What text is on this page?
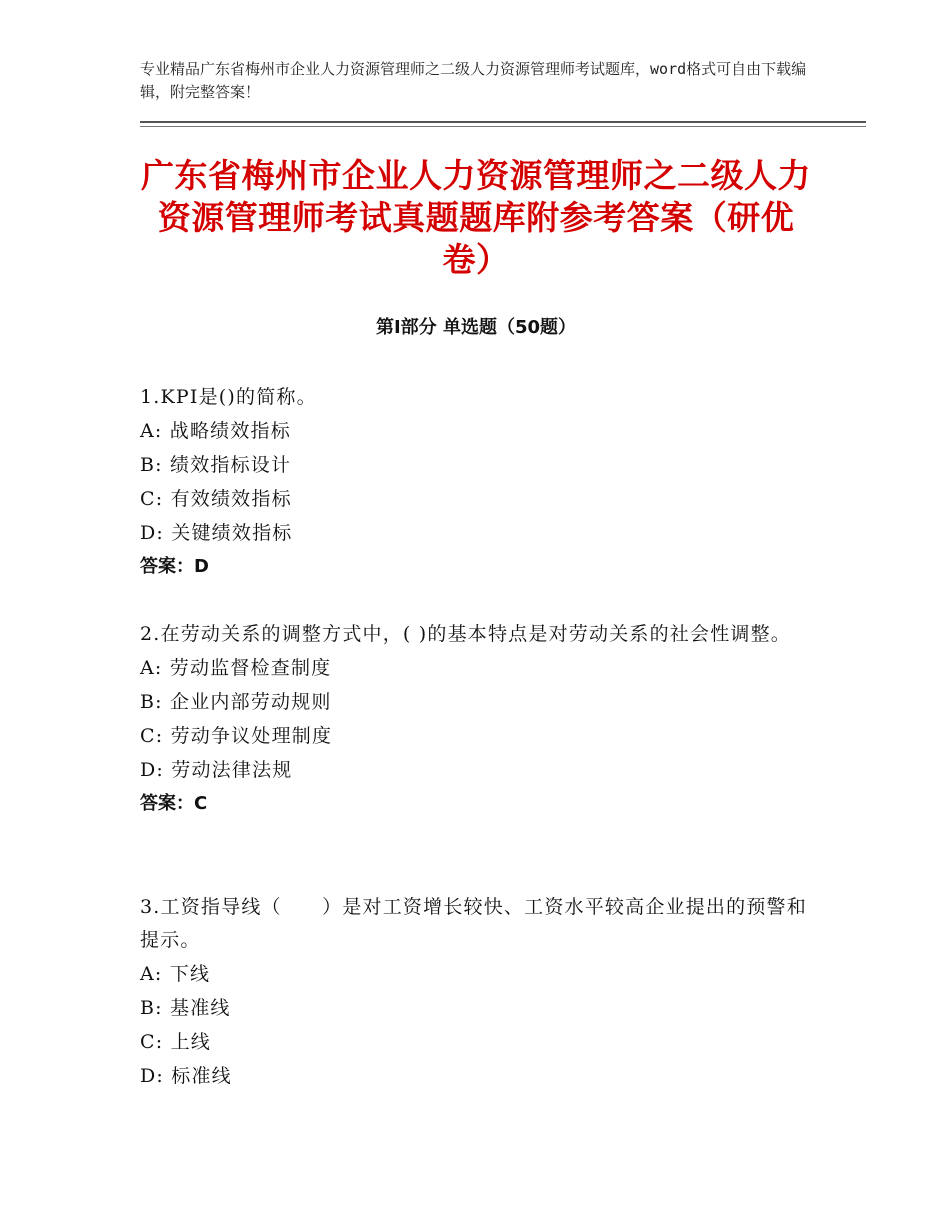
专业精品广东省梅州市企业人力资源管理师之二级人力资源管理师考试题库，word格式可自由下载编辑，附完整答案！
广东省梅州市企业人力资源管理师之二级人力资源管理师考试真题题库附参考答案（研优卷）
第Ⅰ部分 单选题（50题）
1.KPI是()的简称。
A: 战略绩效指标
B: 绩效指标设计
C: 有效绩效指标
D: 关键绩效指标
答案：D
2.在劳动关系的调整方式中，( )的基本特点是对劳动关系的社会性调整。
A: 劳动监督检查制度
B: 企业内部劳动规则
C: 劳动争议处理制度
D: 劳动法律法规
答案：C
3.工资指导线（　　）是对工资增长较快、工资水平较高企业提出的预警和提示。
A: 下线
B: 基准线
C: 上线
D: 标准线
